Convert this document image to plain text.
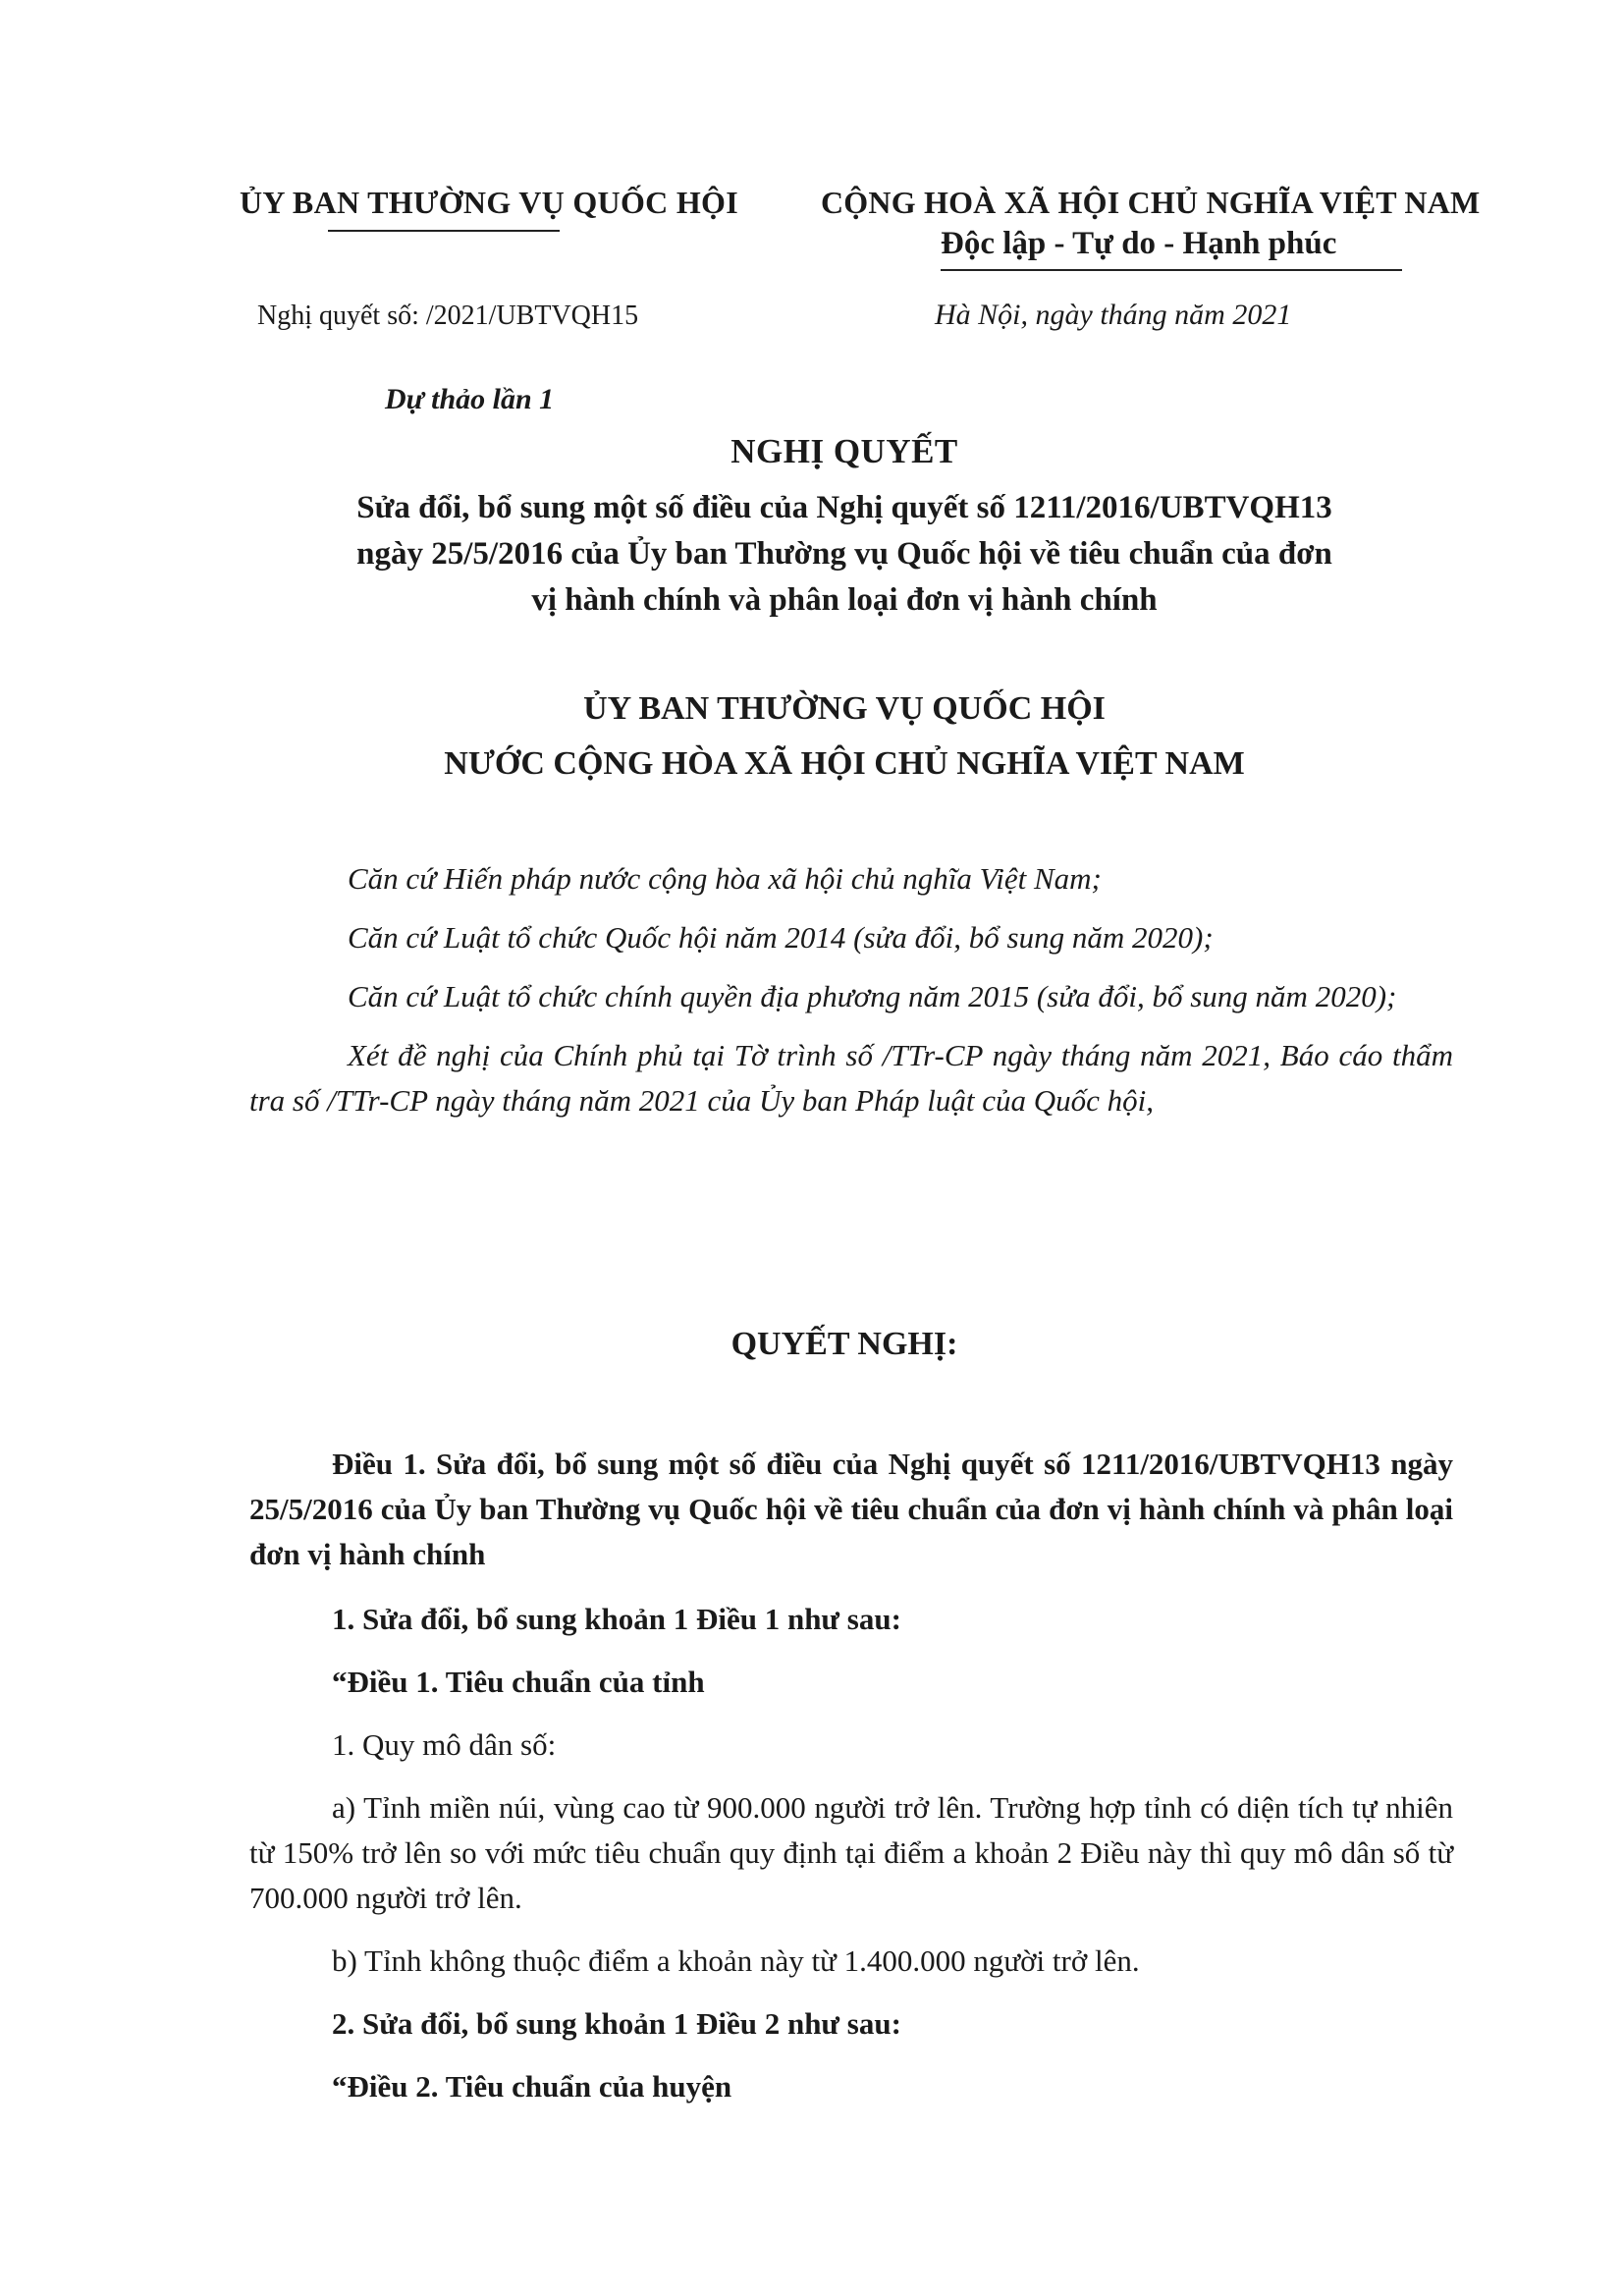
ỦY BAN THƯỜNG VỤ QUỐC HỘI	CỘNG HOÀ XÃ HỘI CHỦ NGHĨA VIỆT NAM
Độc lập - Tự do - Hạnh phúc
Nghị quyết số: /2021/UBTVQH15	Hà Nội, ngày tháng năm 2021
Dự thảo lần 1
NGHỊ QUYẾT
Sửa đổi, bổ sung một số điều của Nghị quyết số 1211/2016/UBTVQH13
ngày 25/5/2016 của Ủy ban Thường vụ Quốc hội về tiêu chuẩn của đơn
vị hành chính và phân loại đơn vị hành chính
ỦY BAN THƯỜNG VỤ QUỐC HỘI
NƯỚC CỘNG HÒA XÃ HỘI CHỦ NGHĨA VIỆT NAM

Căn cứ Hiến pháp nước cộng hòa xã hội chủ nghĩa Việt Nam;

Căn cứ Luật tổ chức Quốc hội năm 2014 (sửa đổi, bổ sung năm 2020);

Căn cứ Luật tổ chức chính quyền địa phương năm 2015 (sửa đổi, bổ sung năm 2020);

Xét đề nghị của Chính phủ tại Tờ trình số /TTr-CP ngày tháng năm 2021, Báo cáo thẩm tra số /TTr-CP ngày tháng năm 2021 của Ủy ban Pháp luật của Quốc hội,

QUYẾT NGHỊ:

Điều 1. Sửa đổi, bổ sung một số điều của Nghị quyết số 1211/2016/UBTVQH13 ngày 25/5/2016 của Ủy ban Thường vụ Quốc hội về tiêu chuẩn của đơn vị hành chính và phân loại đơn vị hành chính

1. Sửa đổi, bổ sung khoản 1 Điều 1 như sau:

“Điều 1. Tiêu chuẩn của tỉnh

1. Quy mô dân số:

a) Tỉnh miền núi, vùng cao từ 900.000 người trở lên. Trường hợp tỉnh có diện tích tự nhiên từ 150% trở lên so với mức tiêu chuẩn quy định tại điểm a khoản 2 Điều này thì quy mô dân số từ 700.000 người trở lên.

b) Tỉnh không thuộc điểm a khoản này từ 1.400.000 người trở lên.

2. Sửa đổi, bổ sung khoản 1 Điều 2 như sau:

“Điều 2. Tiêu chuẩn của huyện
